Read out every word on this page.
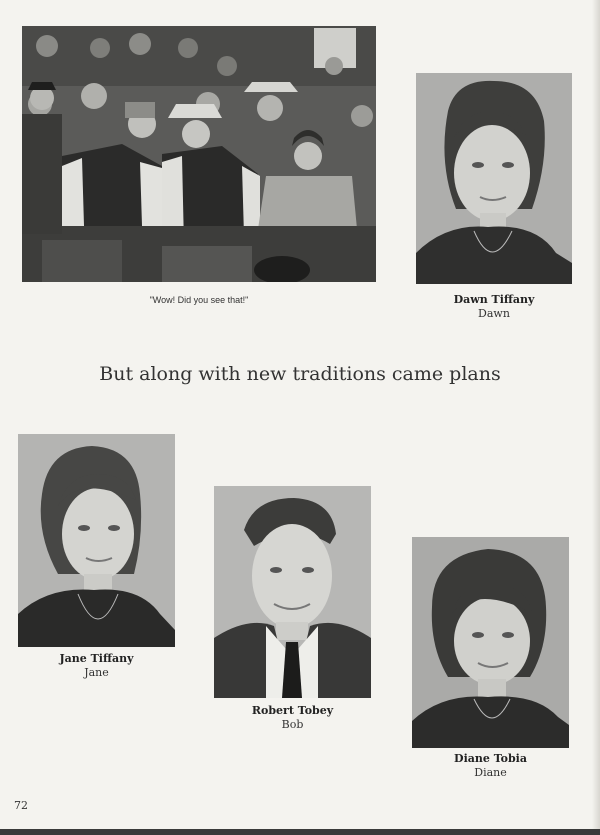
"Wow! Did you see that!"	Dawn Tiffany
Dawn
But along with new traditions came plans
Jane Tiffany
Jane
Robert Tobey
Bob
Diane Tobia
Diane
72
